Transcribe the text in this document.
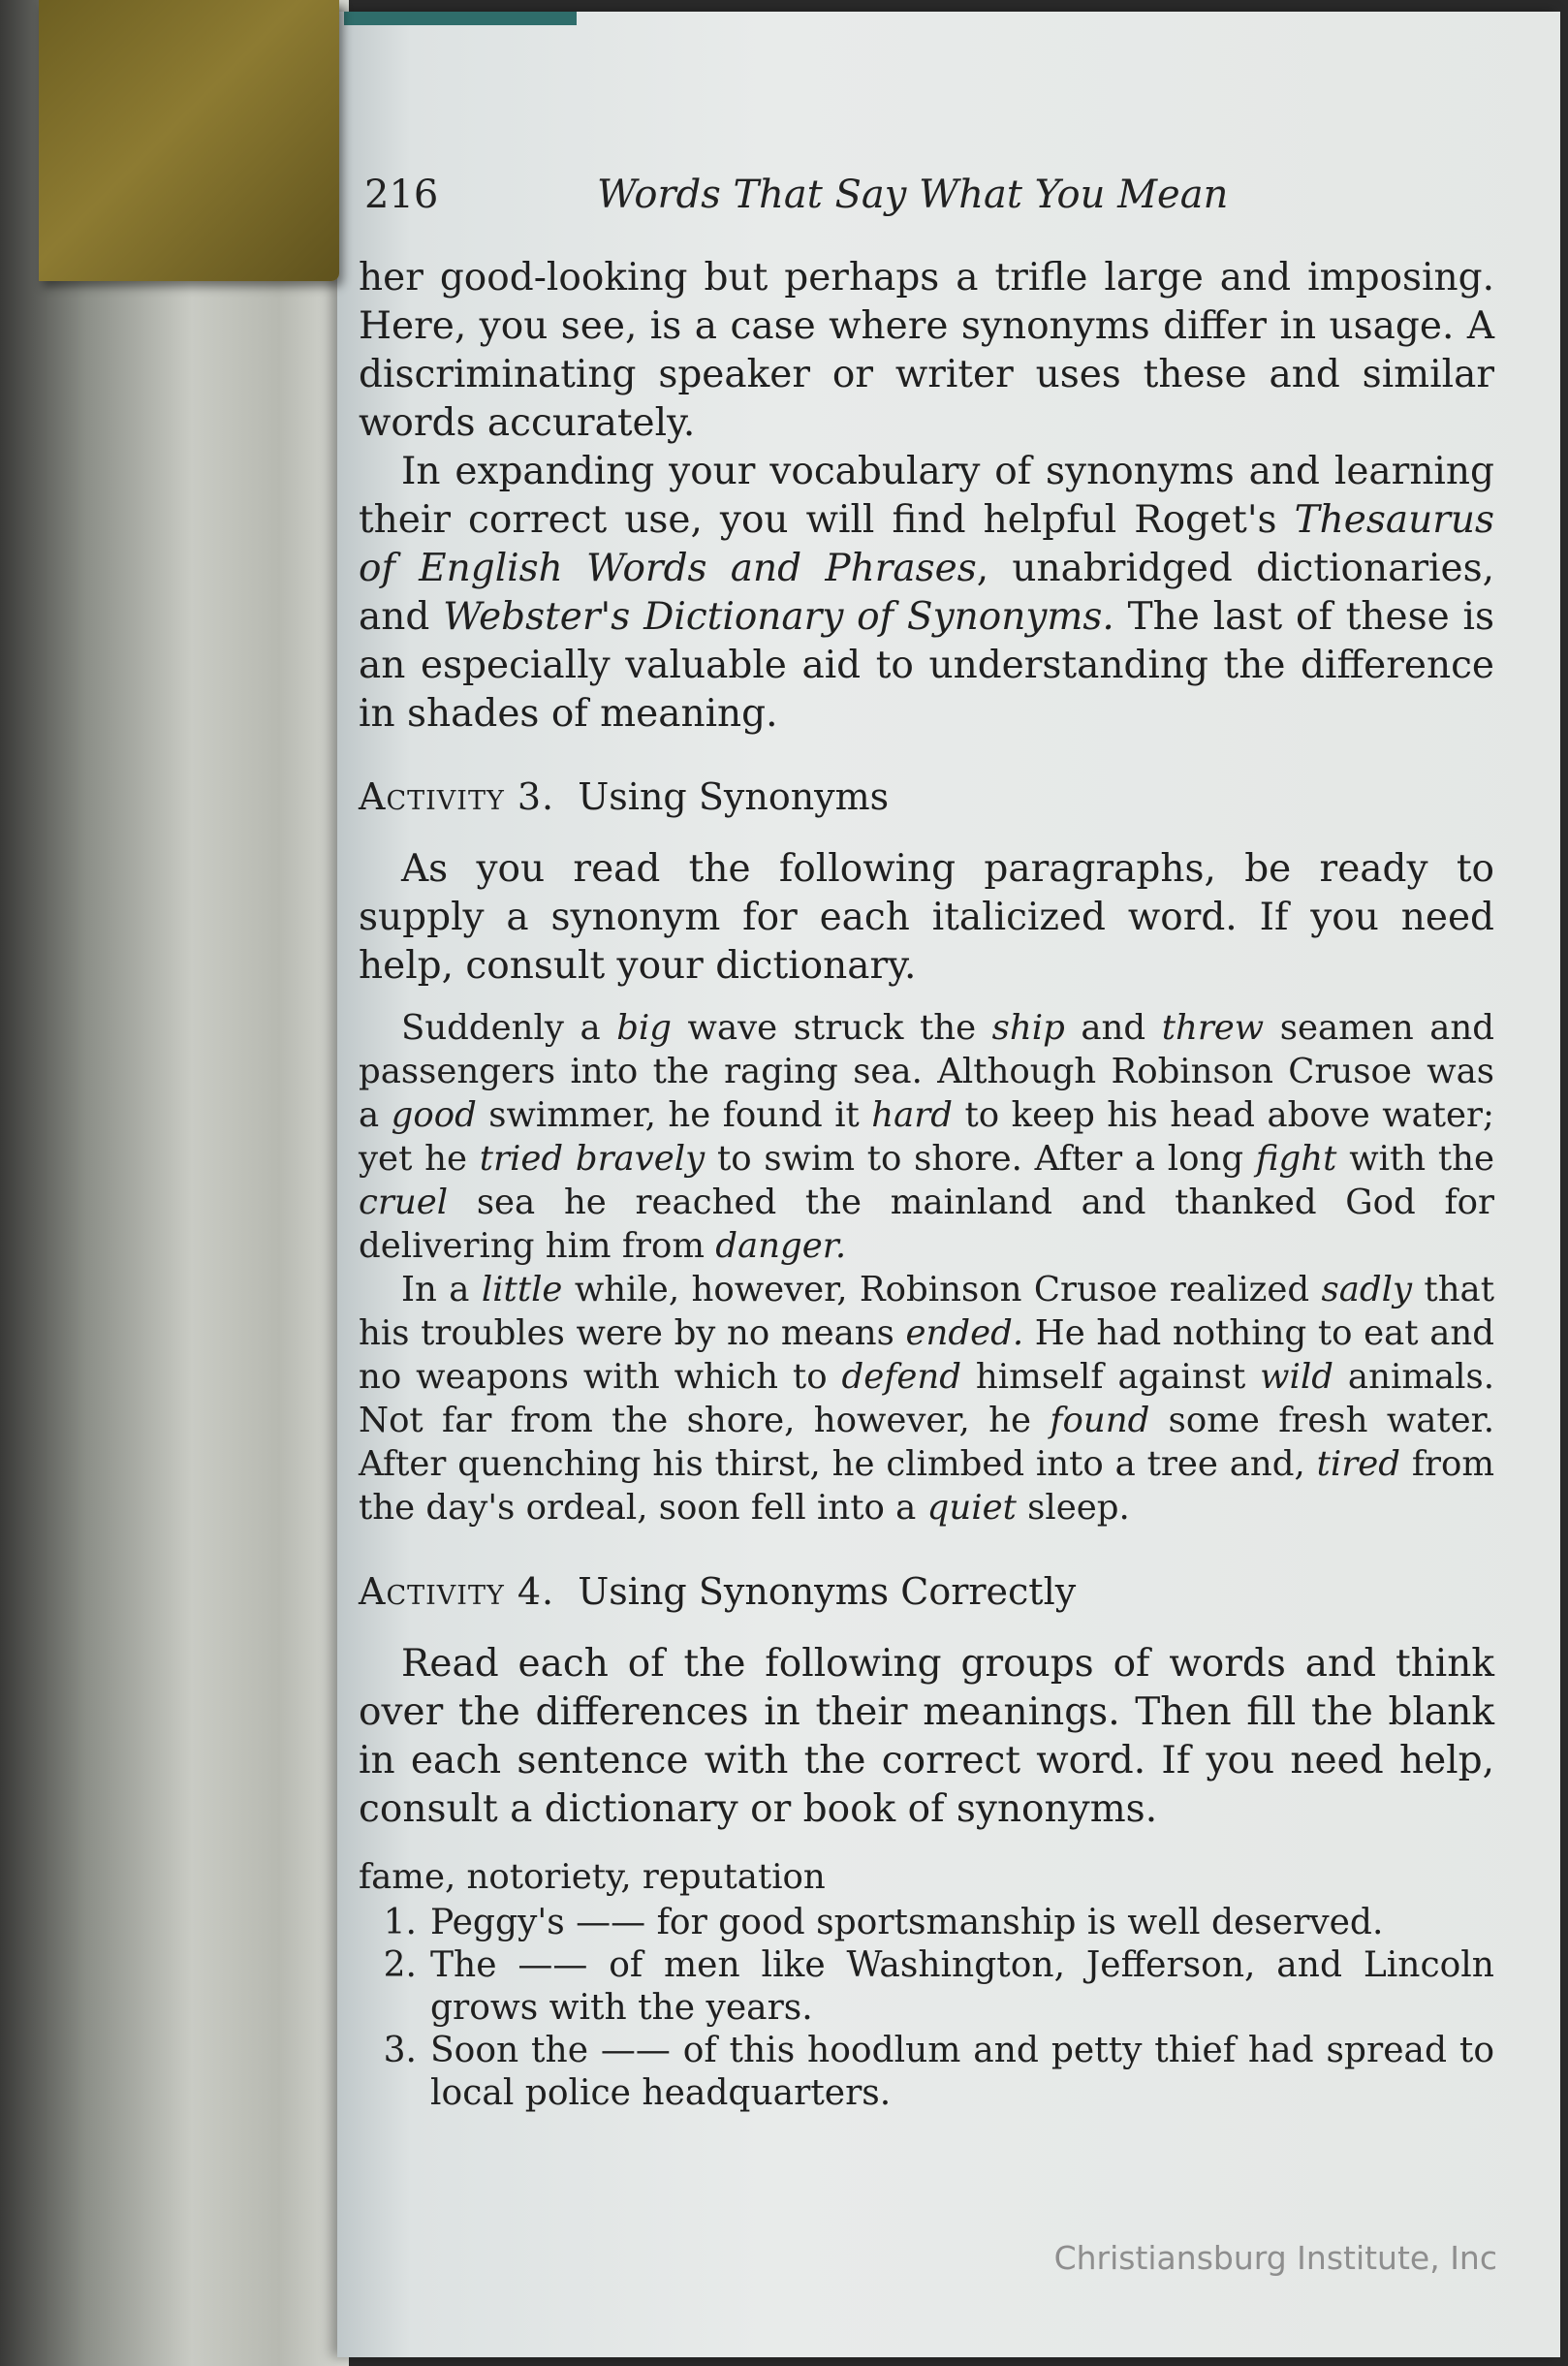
216	Words That Say What You Mean

her good-looking but perhaps a trifle large and imposing. Here, you see, is a case where synonyms differ in usage. A discriminating speaker or writer uses these and similar words accurately.

In expanding your vocabulary of synonyms and learning their correct use, you will find helpful Roget's Thesaurus of English Words and Phrases, unabridged dictionaries, and Webster's Dictionary of Synonyms. The last of these is an especially valuable aid to understanding the difference in shades of meaning.

Activity 3. Using Synonyms

As you read the following paragraphs, be ready to supply a synonym for each italicized word. If you need help, consult your dictionary.

Suddenly a big wave struck the ship and threw seamen and passengers into the raging sea. Although Robinson Crusoe was a good swimmer, he found it hard to keep his head above water; yet he tried bravely to swim to shore. After a long fight with the cruel sea he reached the mainland and thanked God for delivering him from danger.

In a little while, however, Robinson Crusoe realized sadly that his troubles were by no means ended. He had nothing to eat and no weapons with which to defend himself against wild animals. Not far from the shore, however, he found some fresh water. After quenching his thirst, he climbed into a tree and, tired from the day's ordeal, soon fell into a quiet sleep.

Activity 4. Using Synonyms Correctly

Read each of the following groups of words and think over the differences in their meanings. Then fill the blank in each sentence with the correct word. If you need help, consult a dictionary or book of synonyms.

fame, notoriety, reputation

1. Peggy's —— for good sportsmanship is well deserved.
2. The —— of men like Washington, Jefferson, and Lincoln grows with the years.
3. Soon the —— of this hoodlum and petty thief had spread to local police headquarters.
Christiansburg Institute, Inc
